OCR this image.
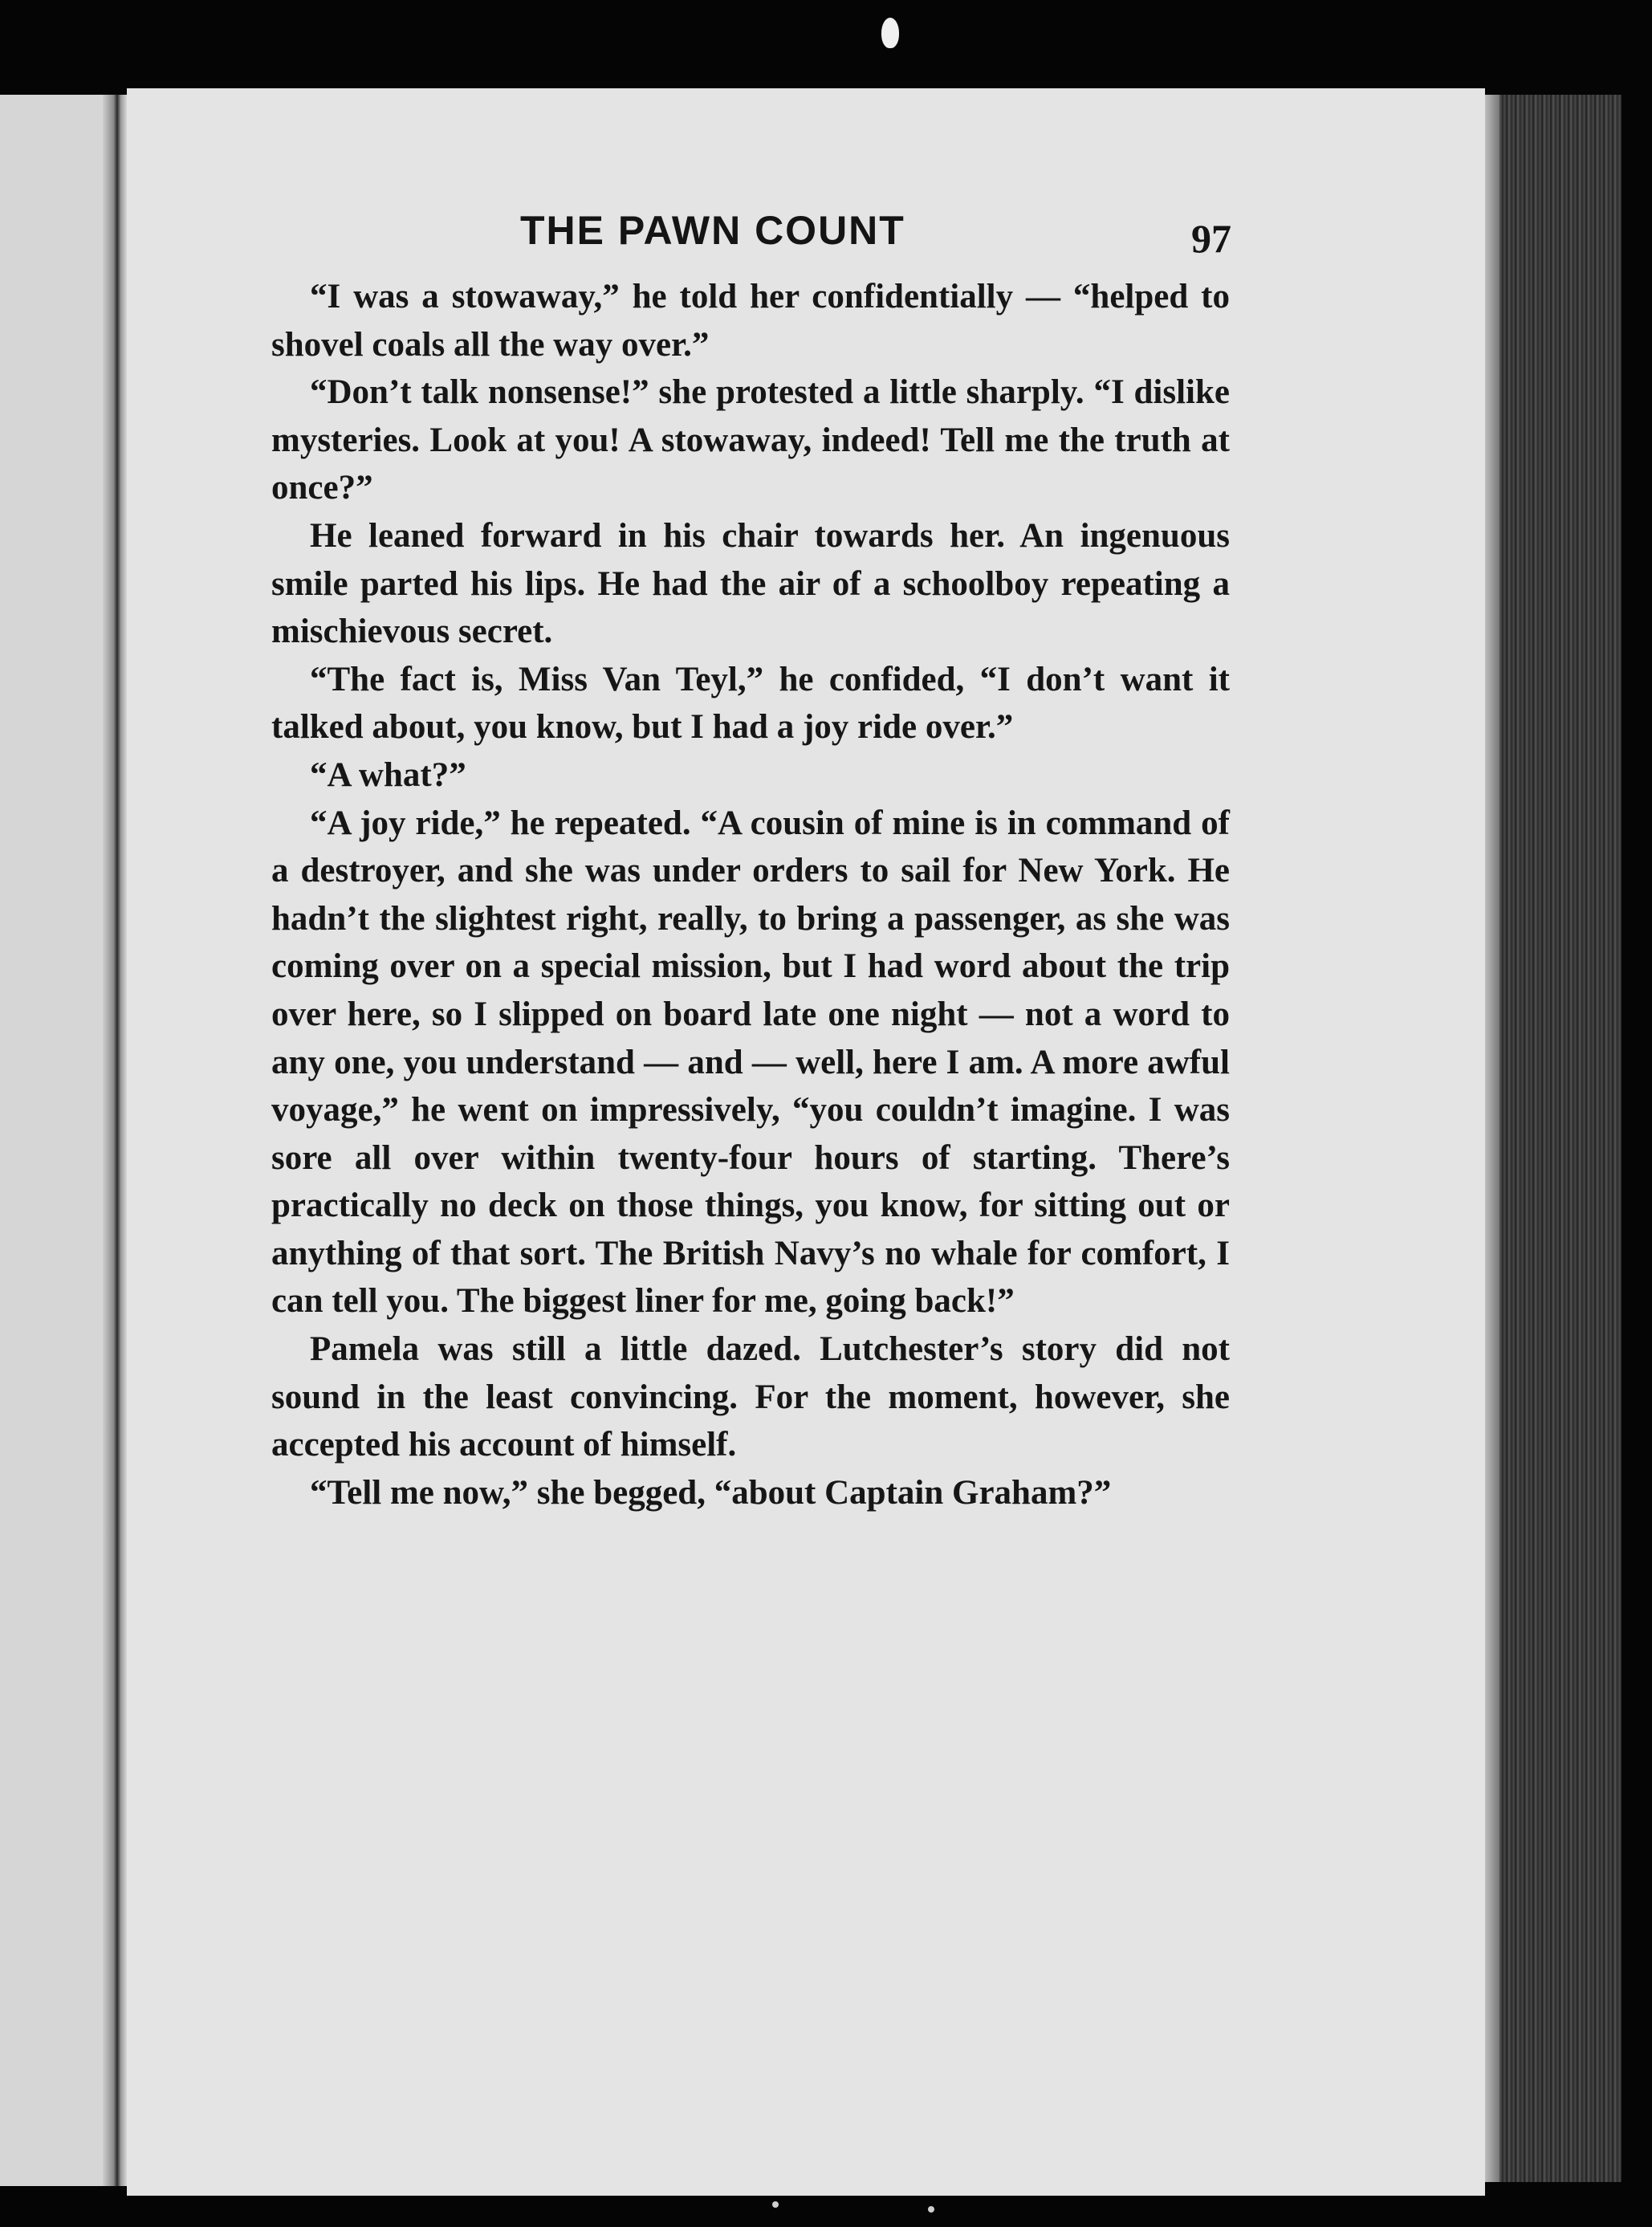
THE PAWN COUNT	97

“I was a stowaway,” he told her confidentially — “helped to shovel coals all the way over.”

“Don’t talk nonsense!” she protested a little sharply. “I dislike mysteries. Look at you! A stowaway, indeed! Tell me the truth at once?”

He leaned forward in his chair towards her. An ingenuous smile parted his lips. He had the air of a schoolboy repeating a mischievous secret.

“The fact is, Miss Van Teyl,” he confided, “I don’t want it talked about, you know, but I had a joy ride over.”

“A what?”

“A joy ride,” he repeated. “A cousin of mine is in command of a destroyer, and she was under orders to sail for New York. He hadn’t the slightest right, really, to bring a passenger, as she was coming over on a special mission, but I had word about the trip over here, so I slipped on board late one night — not a word to any one, you understand — and — well, here I am. A more awful voyage,” he went on impressively, “you couldn’t imagine. I was sore all over within twenty-four hours of starting. There’s practically no deck on those things, you know, for sitting out or anything of that sort. The British Navy’s no whale for comfort, I can tell you. The biggest liner for me, going back!”

Pamela was still a little dazed. Lutchester’s story did not sound in the least convincing. For the moment, however, she accepted his account of himself.

“Tell me now,” she begged, “about Captain Graham?”
